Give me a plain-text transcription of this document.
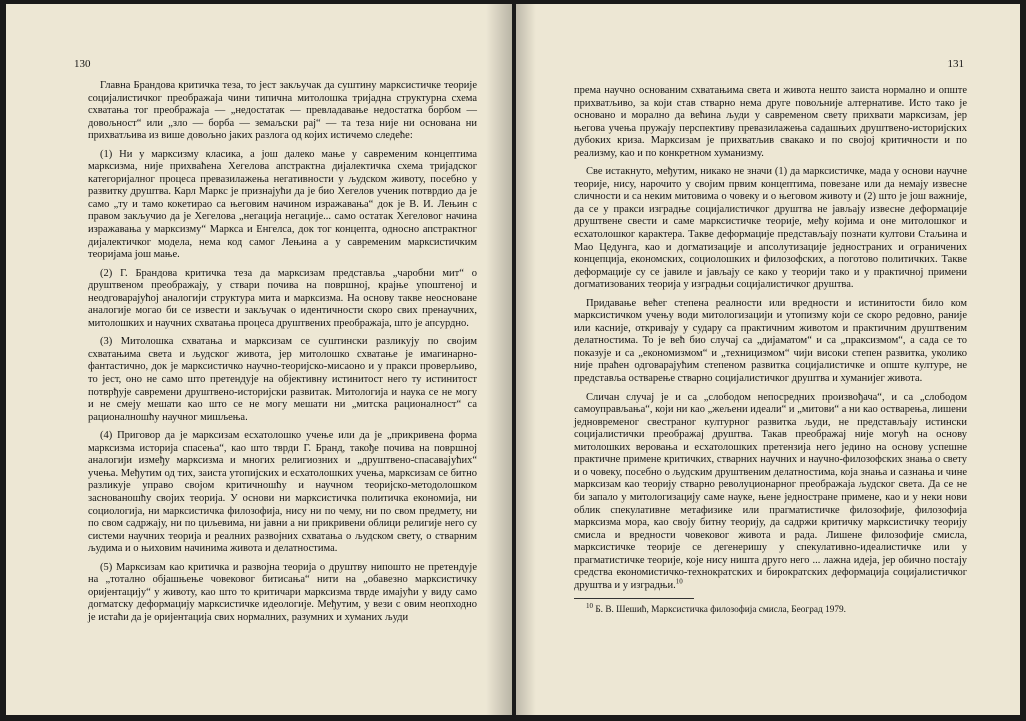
130

Главна Брандова критичка теза, то јест закључак да суштину марксистичке теорије социјалистичког преображаја чини типична митолошка тријадна структурна схема схватања тог преображаја — „недостатак — превладавање недостатка борбом — довољност“ или „зло — борба — земаљски рај“ — та теза није ни основана ни прихватљива из више довољно јаких разлога од којих истичемо следеће:

(1) Ни у марксизму класика, а још далеко мање у савременим концептима марксизма, није прихваћена Хегелова апстрактна дијалектичка схема тријадског категоријалног процеса превазилажења негативности у људском животу, посебно у развитку друштва. Карл Маркс је признајући да је био Хегелов ученик потврдио да је само „ту и тамо кокетирао са његовим начином изражавања“ док је В. И. Лењин с правом закључио да је Хегелова „негација негације... само остатак Хегеловог начина изражавања у марксизму“ Маркса и Енгелса, док тог концепта, односно апстрактног дијалектичког модела, нема код самог Лењина а у савременим марксистичким теоријама још мање.

(2) Г. Брандова критичка теза да марксизам представља „чаробни мит“ о друштвеном преображају, у ствари почива на површној, крајње упоштеној и неодговарајућој аналогији структура мита и марксизма. На основу такве неосноване аналогије могао би се извести и закључак о идентичности скоро свих пренаучних, митолошких и научних схватања процеса друштвених преображаја, што је апсурдно.

(3) Митолошка схватања и марксизам се суштински разликују по својим схватањима света и људског живота, јер митолошко схватање је имагинарно-фантастично, док је марксистичко научно-теоријско-мисаоно и у пракси проверљиво, то јест, оно не само што претендује на објективну истинитост него ту истинитост потврђује савремени друштвено-историјски развитак. Митологија и наука се не могу и не смеју мешати као што се не могу мешати ни „митска рационалност“ са рационалношћу научног мишљења.

(4) Приговор да је марксизам есхатолошко учење или да је „прикривена форма марксизма историја спасења“, као што тврди Г. Бранд, такође почива на површној аналогији између марксизма и многих религиозних и „друштвено-спасавајућих“ учења. Међутим од тих, заиста утопијских и есхатолошких учења, марксизам се битно разликује управо својом критичношћу и научном теоријско-методолошком заснованошћу својих теорија. У основи ни марксистичка политичка економија, ни социологија, ни марксистичка филозофија, нису ни по чему, ни по свом предмету, ни по свом садржају, ни по циљевима, ни јавни а ни прикривени облици религије него су системи научних теорија и реалних развојних схватања о људском свету, о стварним људима и о њиховим начинима живота и делатностима.

(5) Марксизам као критичка и развојна теорија о друштву нипошто не претендује на „тотално објашњење човековог битисања“ нити на „обавезно марксистичку оријентацију“ у животу, као што то критичари марксизма тврде имајући у виду само догматску деформацију марксистичке идеологије. Међутим, у вези с овим неопходно је истаћи да је оријентација свих нормалних, разумних и хуманих људи

131

према научно основаним схватањима света и живота нешто заиста нормално и опште прихватљиво, за који став стварно нема друге повољније алтернативе. Исто тако је основано и морално да већина људи у савременом свету прихвати марксизам, јер његова учења пружају перспективу превазилажења садашњих друштвено-историјских дубоких криза. Марксизам је прихватљив свакако и по својој критичности и по реализму, као и по конкретном хуманизму.

Све истакнуто, међутим, никако не значи (1) да марксистичке, мада у основи научне теорије, нису, нарочито у својим првим концептима, повезане или да немају извесне сличности и са неким митовима о човеку и о његовом животу и (2) што је још важније, да се у пракси изградње социјалистичког друштва не јављају извесне деформације друштвене свести и саме марксистичке теорије, међу којима и оне митолошког и есхатолошког карактера. Такве деформације представљају познати култови Стаљина и Мао Цедунга, као и догматизације и апсолутизације једностраних и ограничених концепција, економских, социолошких и филозофских, а поготово политичких. Такве деформације су се јавиле и јављају се како у теорији тако и у практичној примени догматизованих теорија у изградњи социјалистичког друштва.

Придавање већег степена реалности или вредности и истинитости било ком марксистичком учењу води митологизацији и утопизму који се скоро редовно, раније или касније, откривају у судару са практичним животом и практичним друштвеним делатностима. То је већ био случај са „дијаматом“ и са „праксизмом“, а сада се то показује и са „економизмом“ и „техницизмом“ чији високи степен развитка, уколико није праћен одговарајућим степеном развитка социјалистичке и опште културе, не представља остварење стварно социјалистичког друштва и хуманијег живота.

Сличан случај је и са „слободом непосредних произвођача“, и са „слободом самоуправљања“, који ни као „жељени идеали“ и „митови“ а ни као остварења, лишени једновременог свестраног културног развитка људи, не представљају истински социјалистички преображај друштва. Такав преображај није могућ на основу митолошких веровања и есхатолошких претензија него једино на основу успешне практичне примене критичких, стварних научних и научно-филозофских знања о свету и о човеку, посебно о људским друштвеним делатностима, која знања и сазнања и чине марксизам као теорију стварно револуционарног преображаја људског света. Да се не би запало у митологизацију саме науке, њене једностране примене, као и у неки нови облик спекулативне метафизике или прагматистичке филозофије, филозофија марксизма мора, као своју битну теорију, да садржи критичку марксистичку теорију смисла и вредности човековог живота и рада. Лишене филозофије смисла, марксистичке теорије се дегенеришу у спекулативно-идеалистичке или у прагматистичке теорије, које нису ништа друго него ... лажна идеја, јер обично постају средства економистичко-технократских и бирократских деформација социјалистичког друштва и у изградњи.$^{10}$

$^{10}$ Б. В. Шешић, Марксистичка филозофија смисла, Београд 1979.
